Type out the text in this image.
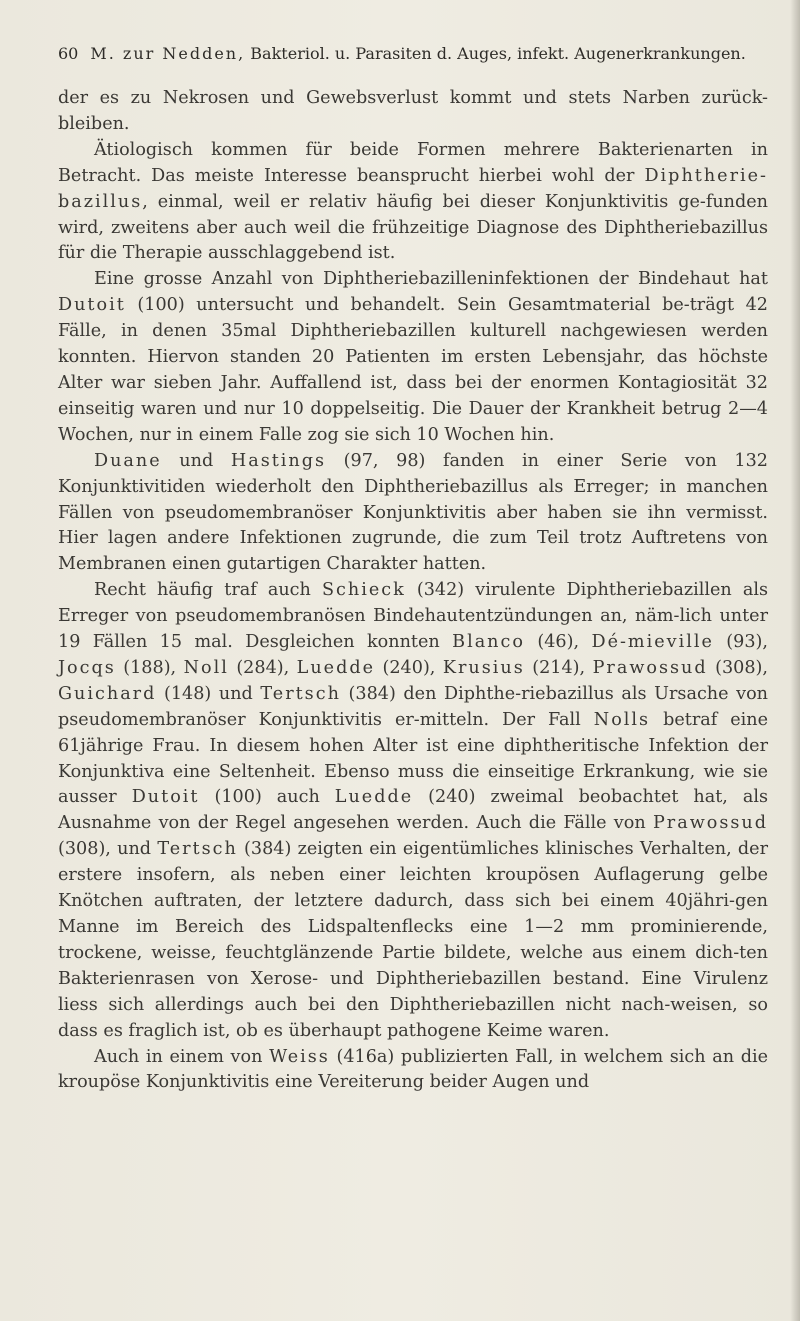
60 M. zur Nedden, Bakteriol. u. Parasiten d. Auges, infekt. Augenerkrankungen.

der es zu Nekrosen und Gewebsverlust kommt und stets Narben zurück-bleiben.

Ätiologisch kommen für beide Formen mehrere Bakterienarten in Betracht. Das meiste Interesse beansprucht hierbei wohl der Diphtherie-bazillus, einmal, weil er relativ häufig bei dieser Konjunktivitis ge-funden wird, zweitens aber auch weil die frühzeitige Diagnose des Diphtheriebazillus für die Therapie ausschlaggebend ist.

Eine grosse Anzahl von Diphtheriebazilleninfektionen der Bindehaut hat Dutoit (100) untersucht und behandelt. Sein Gesamtmaterial be-trägt 42 Fälle, in denen 35mal Diphtheriebazillen kulturell nachgewiesen werden konnten. Hiervon standen 20 Patienten im ersten Lebensjahr, das höchste Alter war sieben Jahr. Auffallend ist, dass bei der enormen Kontagiosität 32 einseitig waren und nur 10 doppelseitig. Die Dauer der Krankheit betrug 2—4 Wochen, nur in einem Falle zog sie sich 10 Wochen hin.

Duane und Hastings (97, 98) fanden in einer Serie von 132 Konjunktivitiden wiederholt den Diphtheriebazillus als Erreger; in manchen Fällen von pseudomembranöser Konjunktivitis aber haben sie ihn vermisst. Hier lagen andere Infektionen zugrunde, die zum Teil trotz Auftretens von Membranen einen gutartigen Charakter hatten.

Recht häufig traf auch Schieck (342) virulente Diphtheriebazillen als Erreger von pseudomembranösen Bindehautentzündungen an, näm-lich unter 19 Fällen 15 mal. Desgleichen konnten Blanco (46), Dé-mieville (93), Jocqs (188), Noll (284), Luedde (240), Krusius (214), Prawossud (308), Guichard (148) und Tertsch (384) den Diphthe-riebazillus als Ursache von pseudomembranöser Konjunktivitis er-mitteln. Der Fall Nolls betraf eine 61jährige Frau. In diesem hohen Alter ist eine diphtheritische Infektion der Konjunktiva eine Seltenheit. Ebenso muss die einseitige Erkrankung, wie sie ausser Dutoit (100) auch Luedde (240) zweimal beobachtet hat, als Ausnahme von der Regel angesehen werden. Auch die Fälle von Prawossud (308), und Tertsch (384) zeigten ein eigentümliches klinisches Verhalten, der erstere insofern, als neben einer leichten kroupösen Auflagerung gelbe Knötchen auftraten, der letztere dadurch, dass sich bei einem 40jähri-gen Manne im Bereich des Lidspaltenflecks eine 1—2 mm prominierende, trockene, weisse, feuchtglänzende Partie bildete, welche aus einem dich-ten Bakterienrasen von Xerose- und Diphtheriebazillen bestand. Eine Virulenz liess sich allerdings auch bei den Diphtheriebazillen nicht nach-weisen, so dass es fraglich ist, ob es überhaupt pathogene Keime waren.

Auch in einem von Weiss (416a) publizierten Fall, in welchem sich an die kroupöse Konjunktivitis eine Vereiterung beider Augen und
